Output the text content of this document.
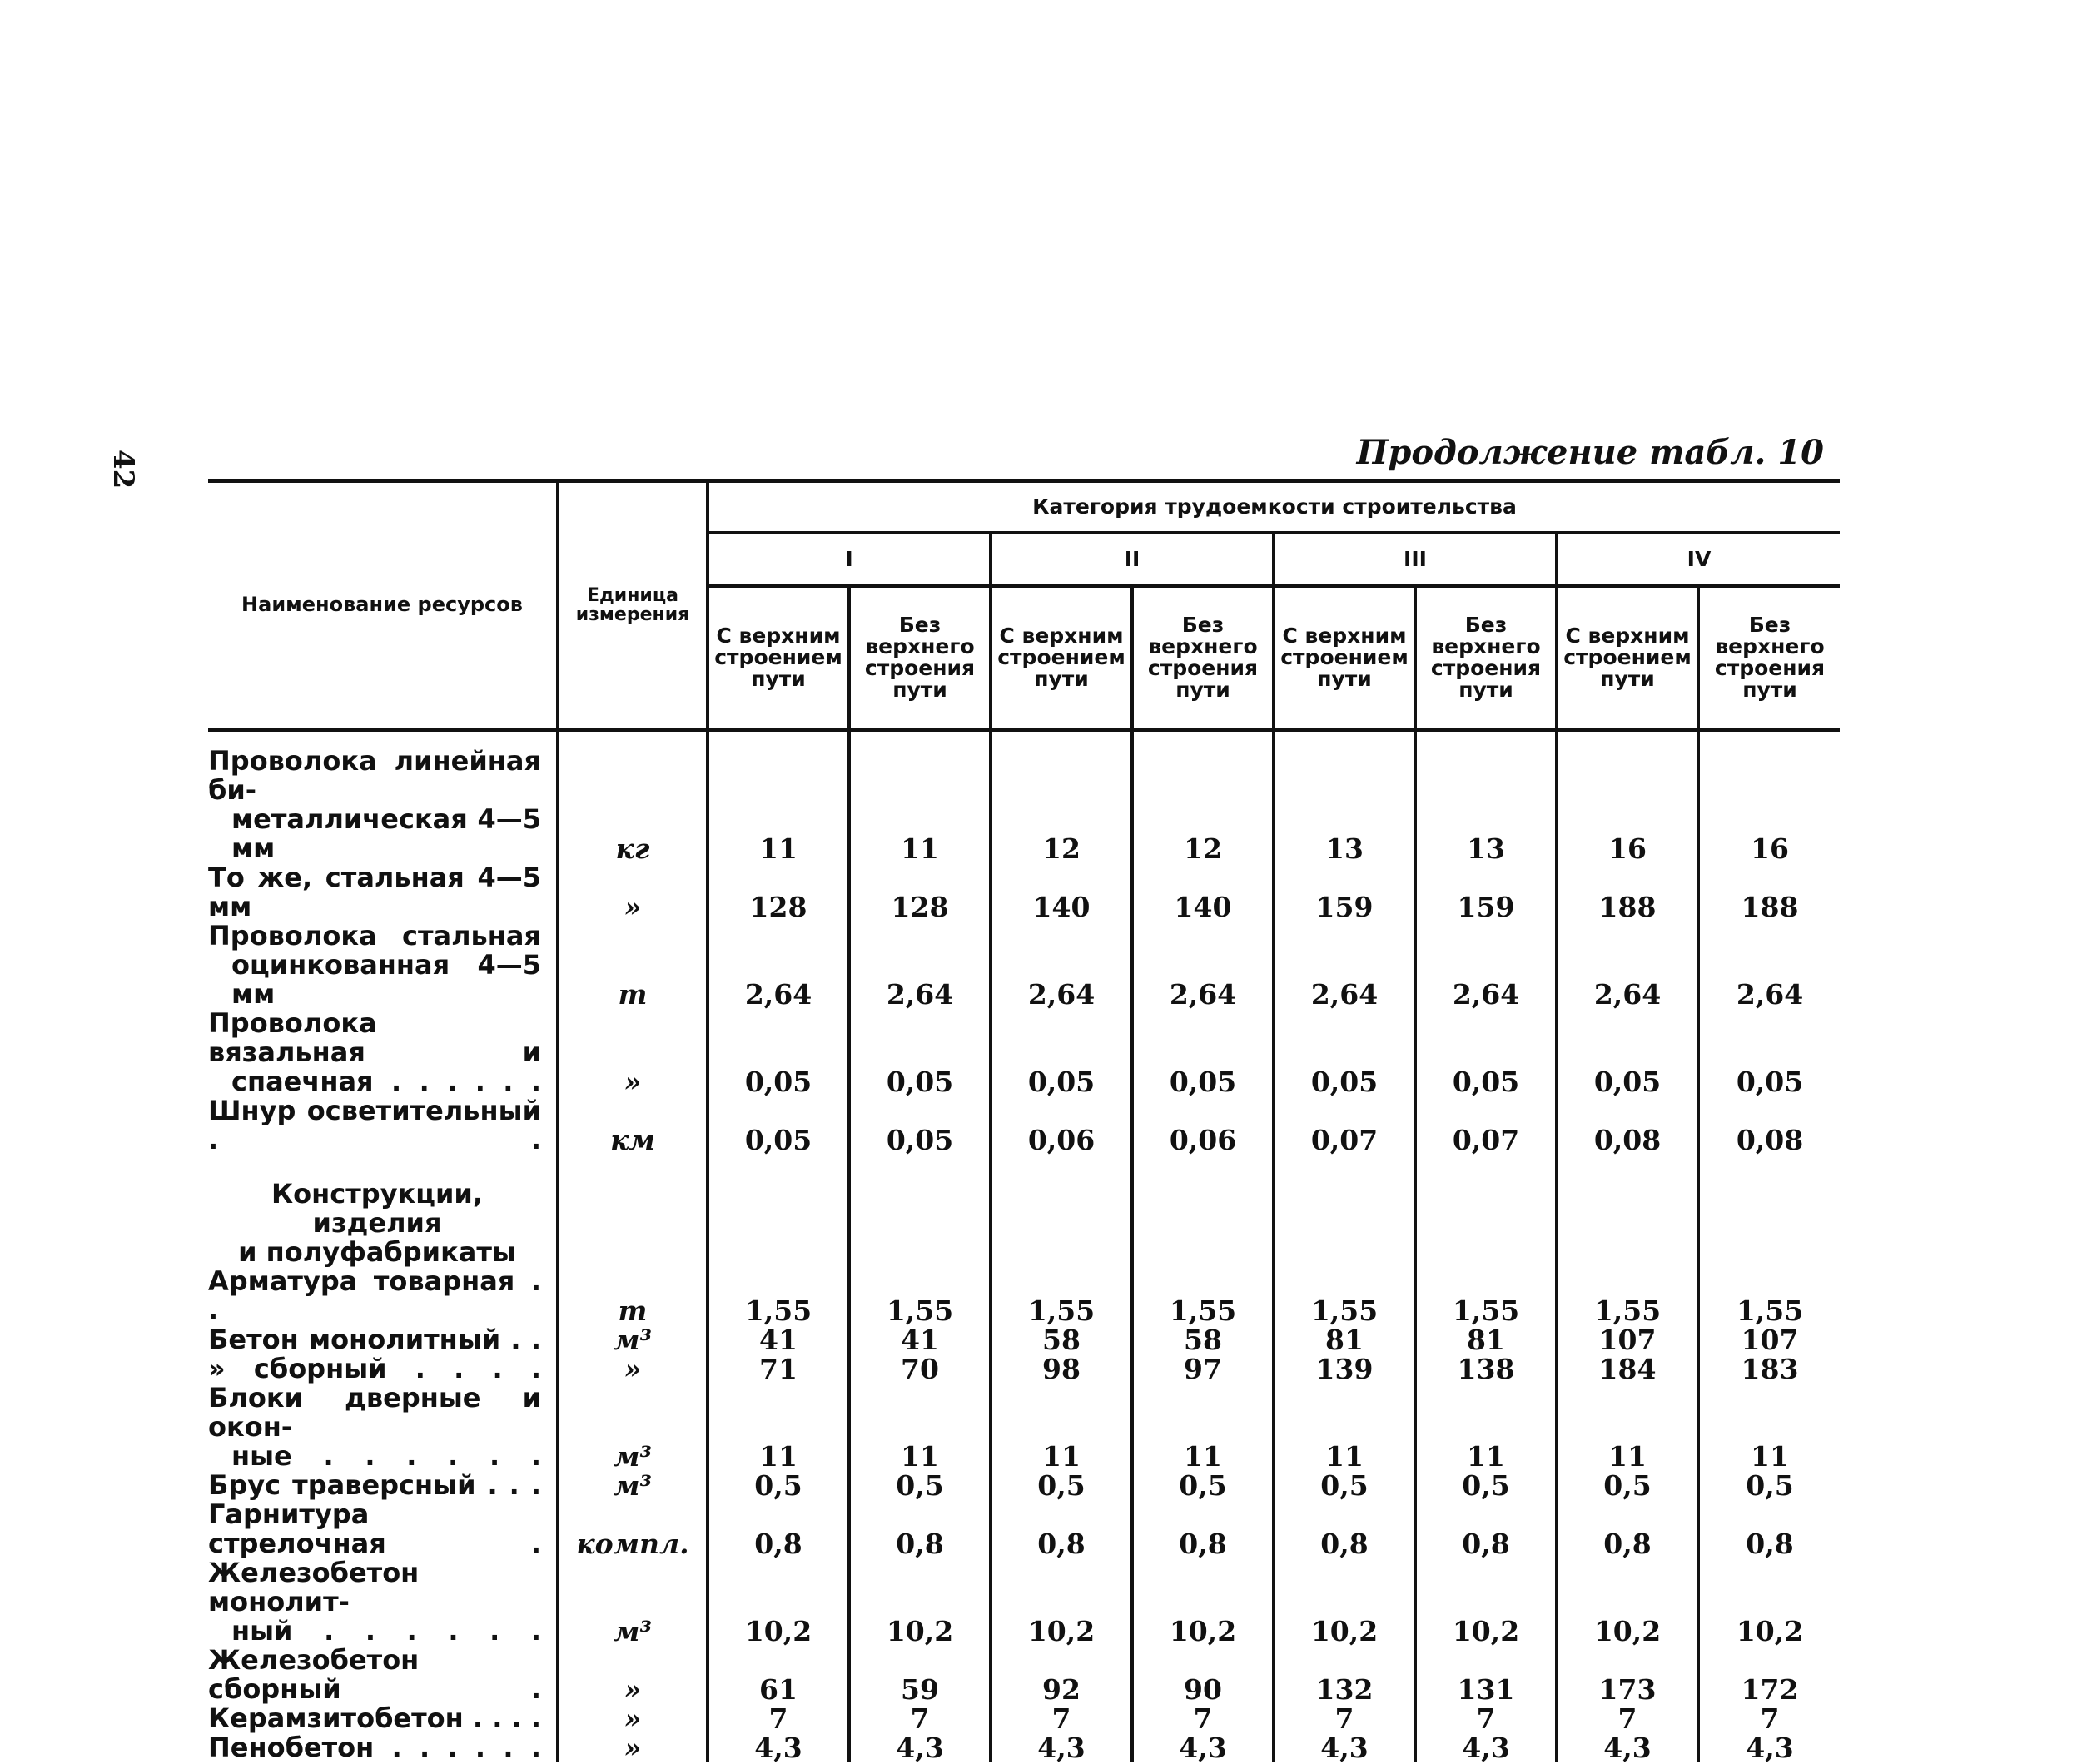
42	Продолжение табл. 10
Наименование ресурсов	Единица измерения	Категория трудоемкости строительства							
		I		II		III		IV	
		С верхним строением пути	Без верхнего строения пути	С верхним строением пути	Без верхнего строения пути	С верхним строением пути	Без верхнего строения пути	С верхним строением пути	Без верхнего строения пути

Проволока линейная би-
металлическая 4—5 мм	кг	11	11	12	12	13	13	16	16

То же, стальная 4—5 мм	»	128	128	140	140	159	159	188	188

Проволока стальная
оцинкованная 4—5 мм	т	2,64	2,64	2,64	2,64	2,64	2,64	2,64	2,64

Проволока вязальная и
спаечная . . . . . .	»	0,05	0,05	0,05	0,05	0,05	0,05	0,05	0,05

Шнур осветительный . .	км	0,05	0,05	0,06	0,06	0,07	0,07	0,08	0,08

Конструкции, изделия
и полуфабрикаты									

Арматура товарная . .	т	1,55	1,55	1,55	1,55	1,55	1,55	1,55	1,55

Бетон монолитный . .	м³	41	41	58	58	81	81	107	107

» сборный . . . .	»	71	70	98	97	139	138	184	183

Блоки дверные и окон-
ные . . . . . .	м³	11	11	11	11	11	11	11	11

Брус траверсный . . .	м³	0,5	0,5	0,5	0,5	0,5	0,5	0,5	0,5

Гарнитура стрелочная .	компл.	0,8	0,8	0,8	0,8	0,8	0,8	0,8	0,8

Железобетон монолит-
ный . . . . . .	м³	10,2	10,2	10,2	10,2	10,2	10,2	10,2	10,2

Железобетон сборный .	»	61	59	92	90	132	131	173	172

Керамзитобетон . . . .	»	7	7	7	7	7	7	7	7

Пенобетон . . . . . .	»	4,3	4,3	4,3	4,3	4,3	4,3	4,3	4,3
